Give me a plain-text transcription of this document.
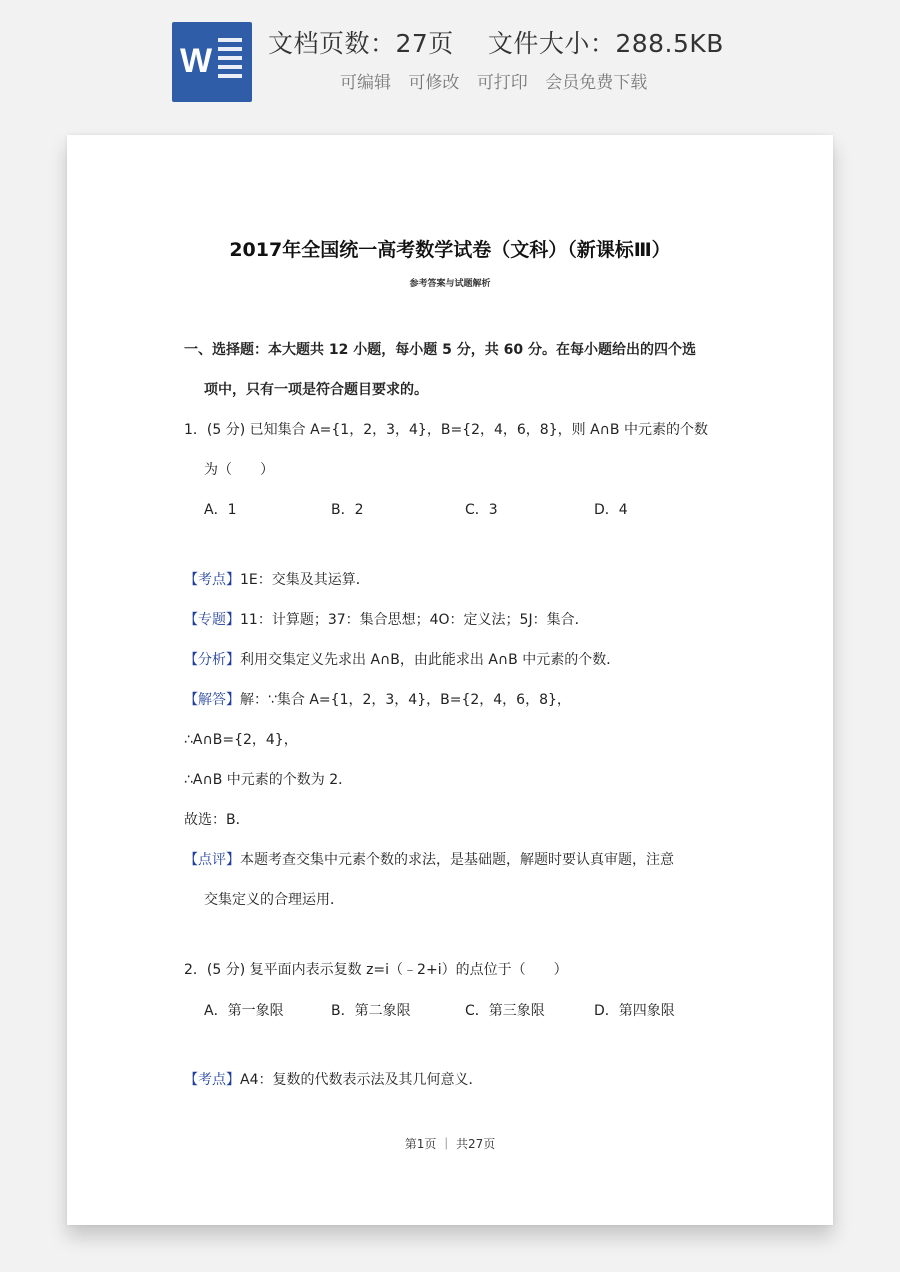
W 文档页数：27页 文件大小：288.5KB
可编辑 可修改 可打印 会员免费下载
2017年全国统一高考数学试卷（文科）（新课标Ⅲ）
参考答案与试题解析
一、选择题：本大题共 12 小题，每小题 5 分，共 60 分。在每小题给出的四个选
项中，只有一项是符合题目要求的。
1．(5 分) 已知集合 A={1，2，3，4}，B={2，4，6，8}，则 A∩B 中元素的个数
为（　　）
A．1	B．2	C．3	D．4
【考点】1E：交集及其运算．
【专题】11：计算题；37：集合思想；4O：定义法；5J：集合．
【分析】利用交集定义先求出 A∩B，由此能求出 A∩B 中元素的个数．
【解答】解：∵集合 A={1，2，3，4}，B={2，4，6，8}，
∴A∩B={2，4}，
∴A∩B 中元素的个数为 2．
故选：B．
【点评】本题考查交集中元素个数的求法，是基础题，解题时要认真审题，注意
交集定义的合理运用．
2．(5 分) 复平面内表示复数 z=i（﹣2+i）的点位于（　　）
A．第一象限	B．第二象限	C．第三象限	D．第四象限
【考点】A4：复数的代数表示法及其几何意义．
第1页 ｜ 共27页
